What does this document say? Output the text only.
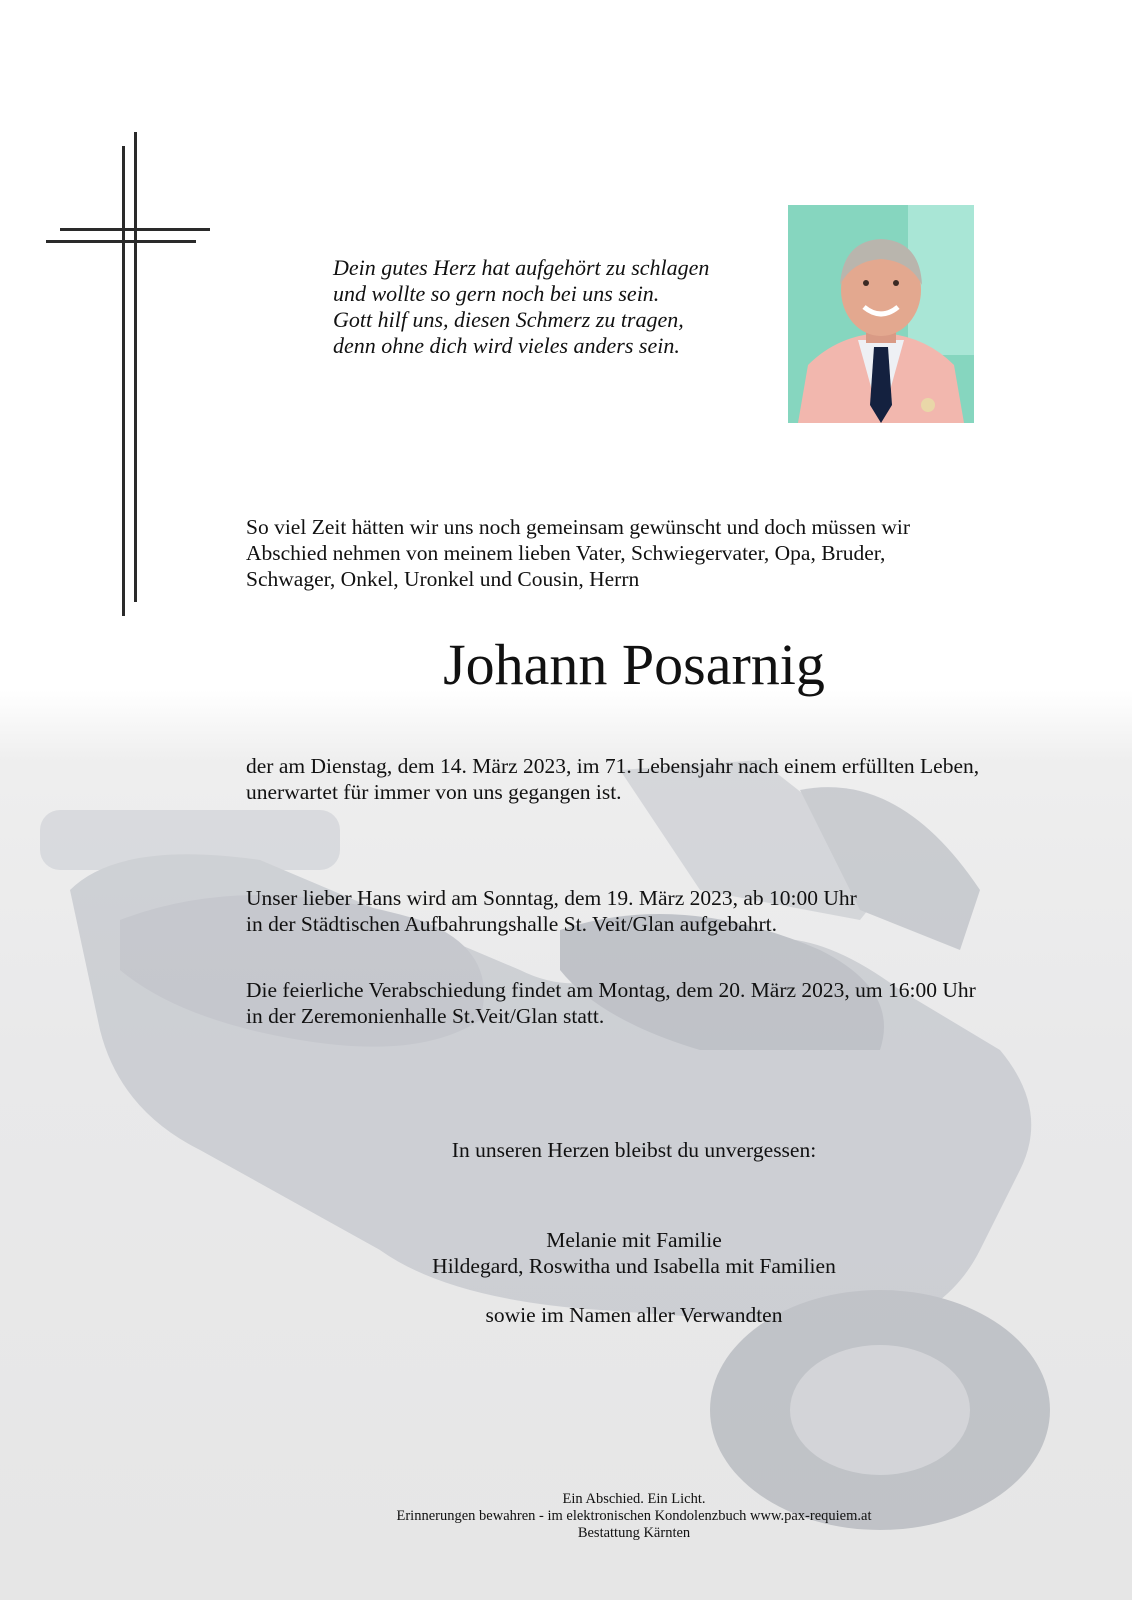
Dein gutes Herz hat aufgehört zu schlagen
und wollte so gern noch bei uns sein.
Gott hilf uns, diesen Schmerz zu tragen,
denn ohne dich wird vieles anders sein.
So viel Zeit hätten wir uns noch gemeinsam gewünscht und doch müssen wir
Abschied nehmen von meinem lieben Vater, Schwiegervater, Opa, Bruder,
Schwager, Onkel, Uronkel und Cousin, Herrn
Johann Posarnig
der am Dienstag, dem 14. März 2023, im 71. Lebensjahr nach einem erfüllten Leben,
unerwartet für immer von uns gegangen ist.
Unser lieber Hans wird am Sonntag, dem 19. März 2023, ab 10:00 Uhr
in der Städtischen Aufbahrungshalle St. Veit/Glan aufgebahrt.
Die feierliche Verabschiedung findet am Montag, dem 20. März 2023, um 16:00 Uhr
in der Zeremonienhalle St.Veit/Glan statt.
In unseren Herzen bleibst du unvergessen:
Melanie mit Familie
Hildegard, Roswitha und Isabella mit Familien
sowie im Namen aller Verwandten
Ein Abschied. Ein Licht.
Erinnerungen bewahren - im elektronischen Kondolenzbuch www.pax-requiem.at
Bestattung Kärnten
